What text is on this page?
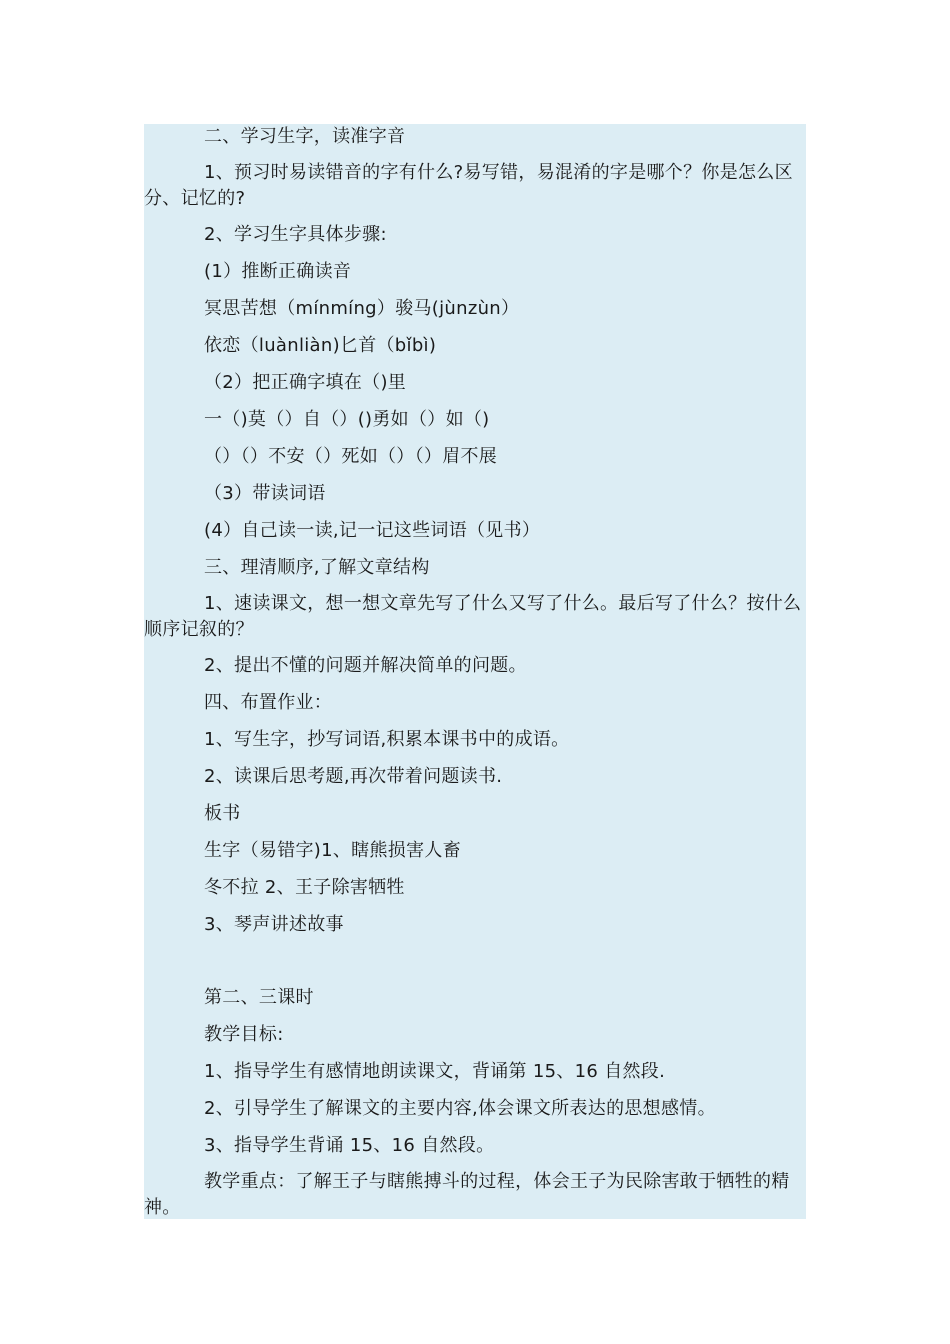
二、学习生字，读准字音
1、预习时易读错音的字有什么?易写错，易混淆的字是哪个？你是怎么区分、记忆的?
2、学习生字具体步骤:
(1）推断正确读音
冥思苦想（mínmíng）骏马(jùnzùn）
依恋（luànliàn)匕首（bǐbì)
（2）把正确字填在（)里
一（)莫（）自（）()勇如（）如（)
（）（）不安（）死如（）（）眉不展
（3）带读词语
(4）自己读一读,记一记这些词语（见书）
三、理清顺序,了解文章结构
1、速读课文，想一想文章先写了什么又写了什么。最后写了什么？按什么顺序记叙的？
2、提出不懂的问题并解决简单的问题。
四、布置作业：
1、写生字，抄写词语,积累本课书中的成语。
2、读课后思考题,再次带着问题读书.
板书
生字（易错字)1、瞎熊损害人畜
冬不拉 2、王子除害牺牲
3、琴声讲述故事
第二、三课时
教学目标:
1、指导学生有感情地朗读课文，背诵第 15、16 自然段.
2、引导学生了解课文的主要内容,体会课文所表达的思想感情。
3、指导学生背诵 15、16 自然段。
教学重点：了解王子与瞎熊搏斗的过程，体会王子为民除害敢于牺牲的精神。
